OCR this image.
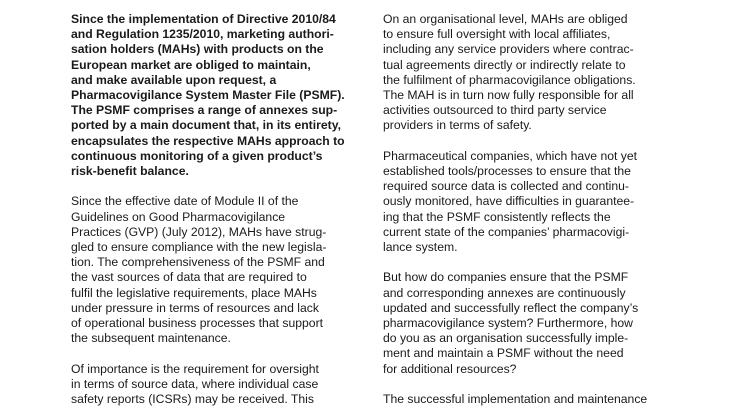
Since the implementation of Directive 2010/84
and Regulation 1235/2010, marketing authori-
sation holders (MAHs) with products on the
European market are obliged to maintain,
and make available upon request, a
Pharmacovigilance System Master File (PSMF).
The PSMF comprises a range of annexes sup-
ported by a main document that, in its entirety,
encapsulates the respective MAHs approach to
continuous monitoring of a given product’s
risk-benefit balance.
Since the effective date of Module II of the
Guidelines on Good Pharmacovigilance
Practices (GVP) (July 2012), MAHs have strug-
gled to ensure compliance with the new legisla-
tion. The comprehensiveness of the PSMF and
the vast sources of data that are required to
fulfil the legislative requirements, place MAHs
under pressure in terms of resources and lack
of operational business processes that support
the subsequent maintenance.
Of importance is the requirement for oversight
in terms of source data, where individual case
safety reports (ICSRs) may be received. This
On an organisational level, MAHs are obliged
to ensure full oversight with local affiliates,
including any service providers where contrac-
tual agreements directly or indirectly relate to
the fulfilment of pharmacovigilance obligations.
The MAH is in turn now fully responsible for all
activities outsourced to third party service
providers in terms of safety.
Pharmaceutical companies, which have not yet
established tools/processes to ensure that the
required source data is collected and continu-
ously monitored, have difficulties in guarantee-
ing that the PSMF consistently reflects the
current state of the companies’ pharmacovigi-
lance system.
But how do companies ensure that the PSMF
and corresponding annexes are continuously
updated and successfully reflect the company’s
pharmacovigilance system? Furthermore, how
do you as an organisation successfully imple-
ment and maintain a PSMF without the need
for additional resources?
The successful implementation and maintenance
